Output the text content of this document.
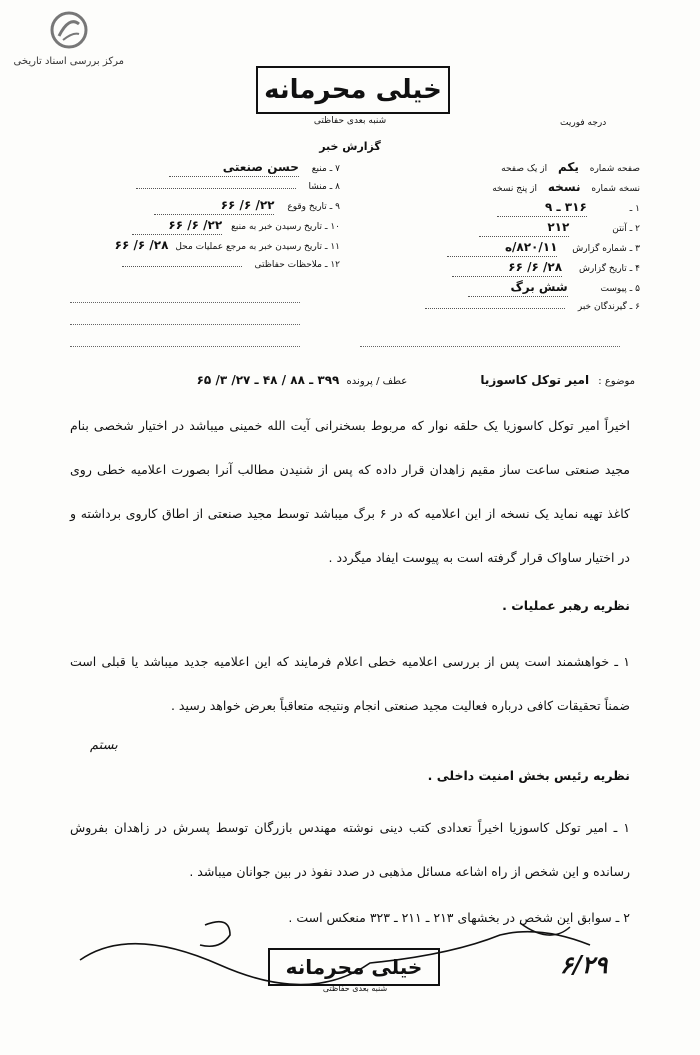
مرکز بررسی اسناد تاریخی
خیلی محرمانه
شنبه بعدی حفاظتی	درجه فوریت
گزارش خبر
صفحه شماره یکم از یک صفحه
نسخه شماره نسخه از پنج نسخه
۱ ـ ۳۱۶ ـ ۹
۲ ـ آنتن ۲۱۲
۳ ـ شماره گزارش ۸۲۰/۱۱/ه
۴ ـ تاریخ گزارش ۲۸/ ۶/ ۶۶
۵ ـ پیوست شش برگ
۶ ـ گیرندگان خبر
۷ ـ منبع حسن صنعتی
۸ ـ منشا
۹ ـ تاریخ وقوع ۲۲/ ۶/ ۶۶
۱۰ ـ تاریخ رسیدن خبر به منبع ۲۲/ ۶/ ۶۶
۱۱ ـ تاریخ رسیدن خبر به مرجع عملیات محل ۲۸/ ۶/ ۶۶
۱۲ ـ ملاحظات حفاظتی
موضوع : امیر توکل کاسوزیا عطف / پرونده ۳۹۹ ـ ۸۸ / ۴۸ ـ ۲۷/ ۳/ ۶۵
اخیراً امیر توکل کاسوزیا یک حلقه نوار که مربوط بسخنرانی آیت الله خمینی میباشد در اختیار شخصی بنام مجید صنعتی ساعت ساز مقیم زاهدان قرار داده که پس از شنیدن مطالب آنرا بصورت اعلامیه خطی روی کاغذ تهیه نماید یک نسخه از این اعلامیه که در ۶ برگ میباشد توسط مجید صنعتی از اطاق کاروی برداشته و در اختیار ساواک قرار گرفته است به پیوست ایفاد میگردد .
نظریه رهبر عملیات .
۱ ـ خواهشمند است پس از بررسی اعلامیه خطی اعلام فرمایند که این اعلامیه جدید میباشد یا قبلی است ضمناً تحقیقات کافی درباره فعالیت مجید صنعتی انجام ونتیجه متعاقباً بعرض خواهد رسید .
بستم
نظریه رئیس بخش امنیت داخلی .
۱ ـ امیر توکل کاسوزیا اخیراً تعدادی کتب دینی نوشته مهندس بازرگان توسط پسرش در زاهدان بفروش رسانده و این شخص از راه اشاعه مسائل مذهبی در صدد نفوذ در بین جوانان میباشد .
۲ ـ سوابق این شخص در بخشهای ۲۱۳ ـ ۲۱۱ ـ ۳۲۳ منعکس است .
خیلی محرمانه
شنبه بعدی حفاظتی
۶/۲۹
